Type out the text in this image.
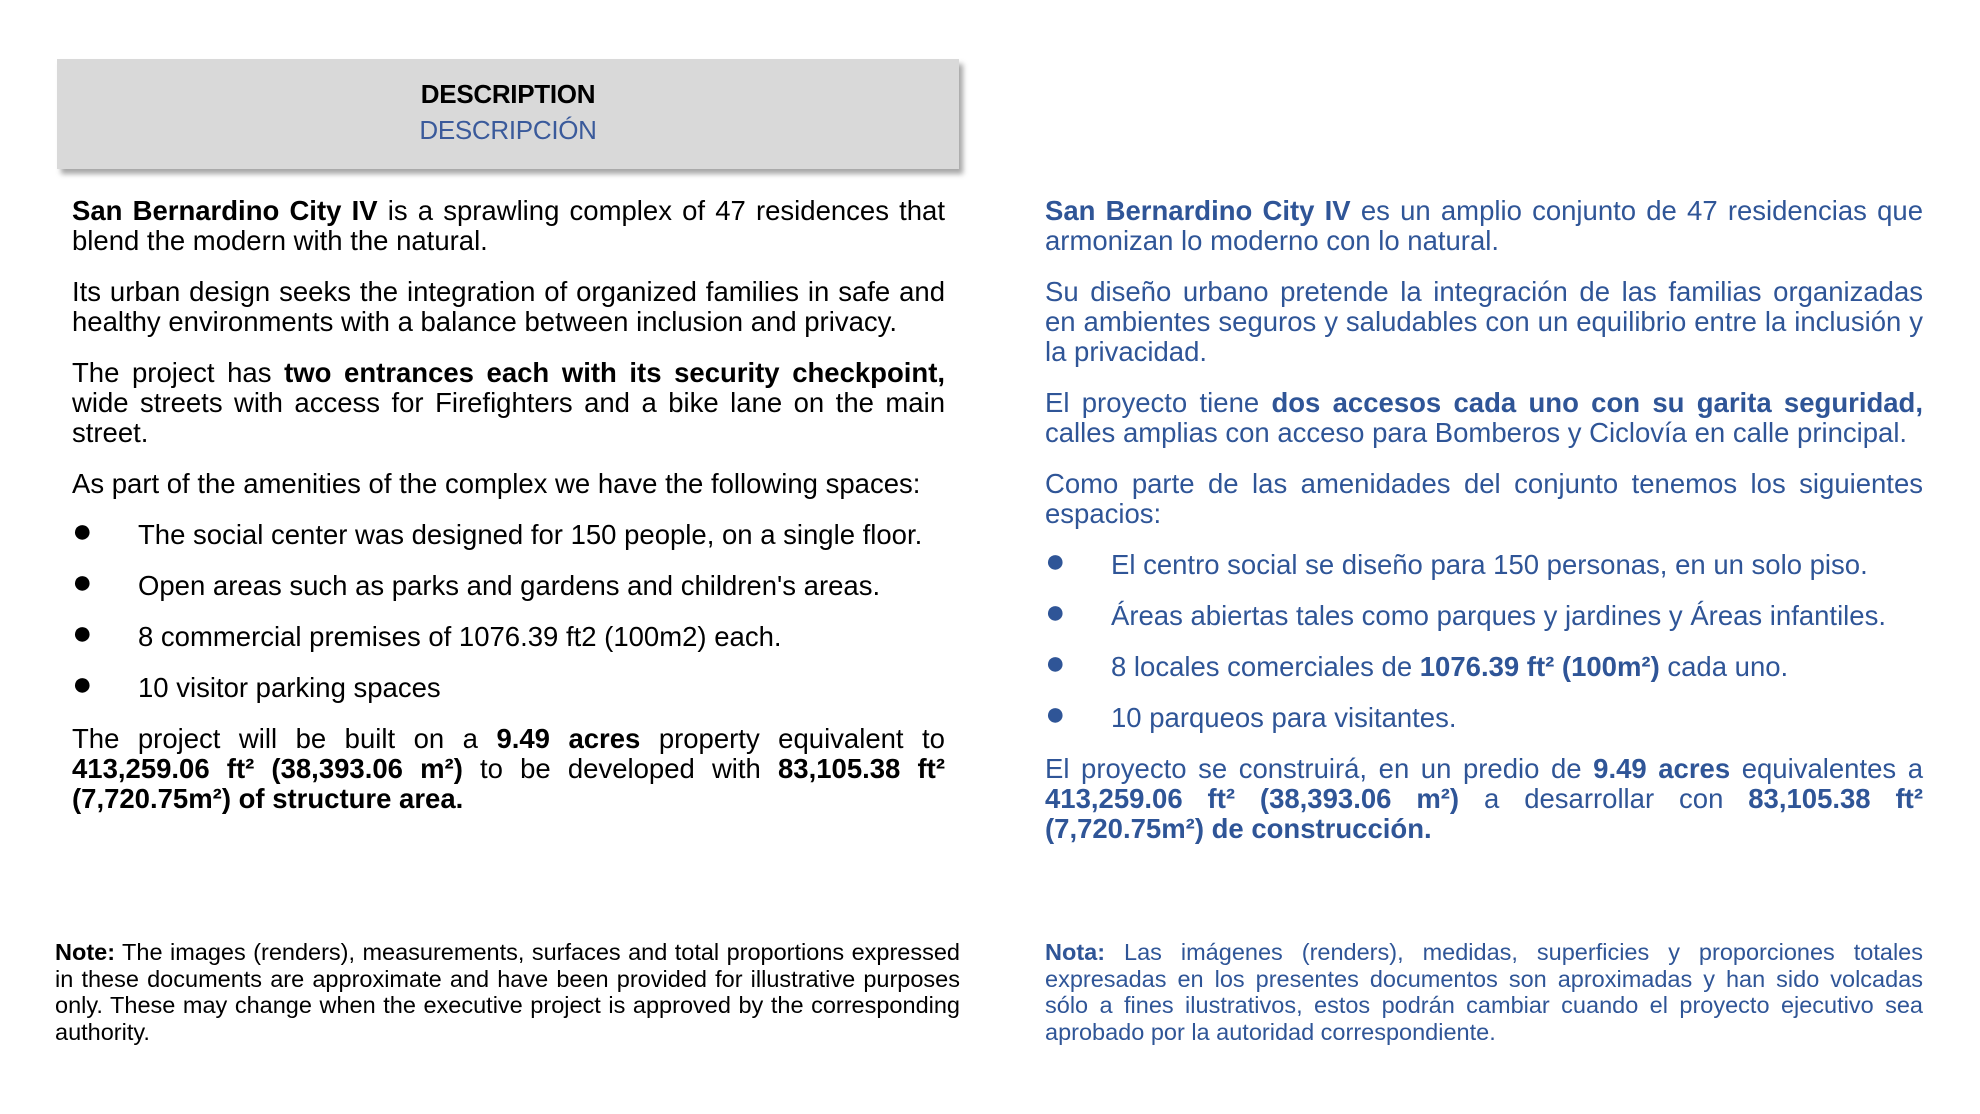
DESCRIPTION
DESCRIPCIÓN

San Bernardino City IV is a sprawling complex of 47 residences that blend the modern with the natural.

Its urban design seeks the integration of organized families in safe and healthy environments with a balance between inclusion and privacy.

The project has two entrances each with its security checkpoint, wide streets with access for Firefighters and a bike lane on the main street.

As part of the amenities of the complex we have the following spaces:

● The social center was designed for 150 people, on a single floor.
● Open areas such as parks and gardens and children's areas.
● 8 commercial premises of 1076.39 ft2 (100m2) each.
● 10 visitor parking spaces

The project will be built on a 9.49 acres property equivalent to 413,259.06 ft² (38,393.06 m²) to be developed with 83,105.38 ft² (7,720.75m²) of structure area.

San Bernardino City IV es un amplio conjunto de 47 residencias que armonizan lo moderno con lo natural.

Su diseño urbano pretende la integración de las familias organizadas en ambientes seguros y saludables con un equilibrio entre la inclusión y la privacidad.

El proyecto tiene dos accesos cada uno con su garita seguridad, calles amplias con acceso para Bomberos y Ciclovía en calle principal.

Como parte de las amenidades del conjunto tenemos los siguientes espacios:

● El centro social se diseño para 150 personas, en un solo piso.
● Áreas abiertas tales como parques y jardines y Áreas infantiles.
● 8 locales comerciales de 1076.39 ft² (100m²) cada uno.
● 10 parqueos para visitantes.

El proyecto se construirá, en un predio de 9.49 acres equivalentes a 413,259.06 ft² (38,393.06 m²) a desarrollar con 83,105.38 ft² (7,720.75m²) de construcción.

Note: The images (renders), measurements, surfaces and total proportions expressed in these documents are approximate and have been provided for illustrative purposes only. These may change when the executive project is approved by the corresponding authority.
Nota: Las imágenes (renders), medidas, superficies y proporciones totales expresadas en los presentes documentos son aproximadas y han sido volcadas sólo a fines ilustrativos, estos podrán cambiar cuando el proyecto ejecutivo sea aprobado por la autoridad correspondiente.
